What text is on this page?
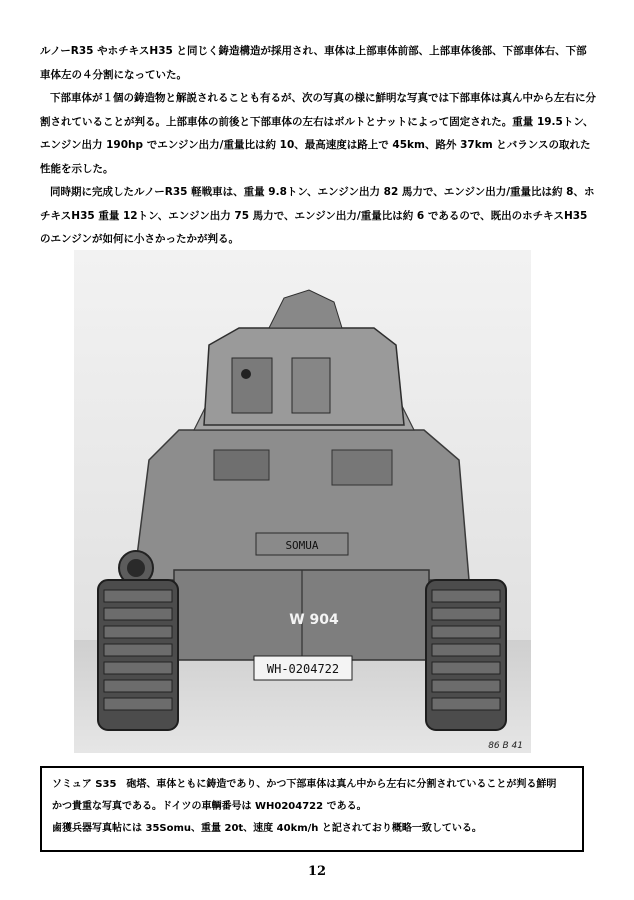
ルノーR35 やホチキスH35 と同じく鋳造構造が採用され、車体は上部車体前部、上部車体後部、下部車体右、下部車体左の４分割になっていた。

下部車体が１個の鋳造物と解説されることも有るが、次の写真の様に鮮明な写真では下部車体は真ん中から左右に分割されていることが判る。上部車体の前後と下部車体の左右はボルトとナットによって固定された。重量 19.5トン、エンジン出力 190hp でエンジン出力/重量比は約 10、最高速度は路上で 45km、路外 37km とバランスの取れた性能を示した。

同時期に完成したルノーR35 軽戦車は、重量 9.8トン、エンジン出力 82 馬力で、エンジン出力/重量比は約 8、ホチキスH35 重量 12トン、エンジン出力 75 馬力で、エンジン出力/重量比は約 6 であるので、既出のホチキスH35 のエンジンが如何に小さかったかが判る。

SOMUA
W 904
WH-0204722
86 B 41
ソミュア S35　砲塔、車体ともに鋳造であり、かつ下部車体は真ん中から左右に分割されていることが判る鮮明
かつ貴重な写真である。ドイツの車輌番号は WH0204722 である。
鹵獲兵器写真帖には 35Somu、重量 20t、速度 40km/h と記されており概略一致している。
12
